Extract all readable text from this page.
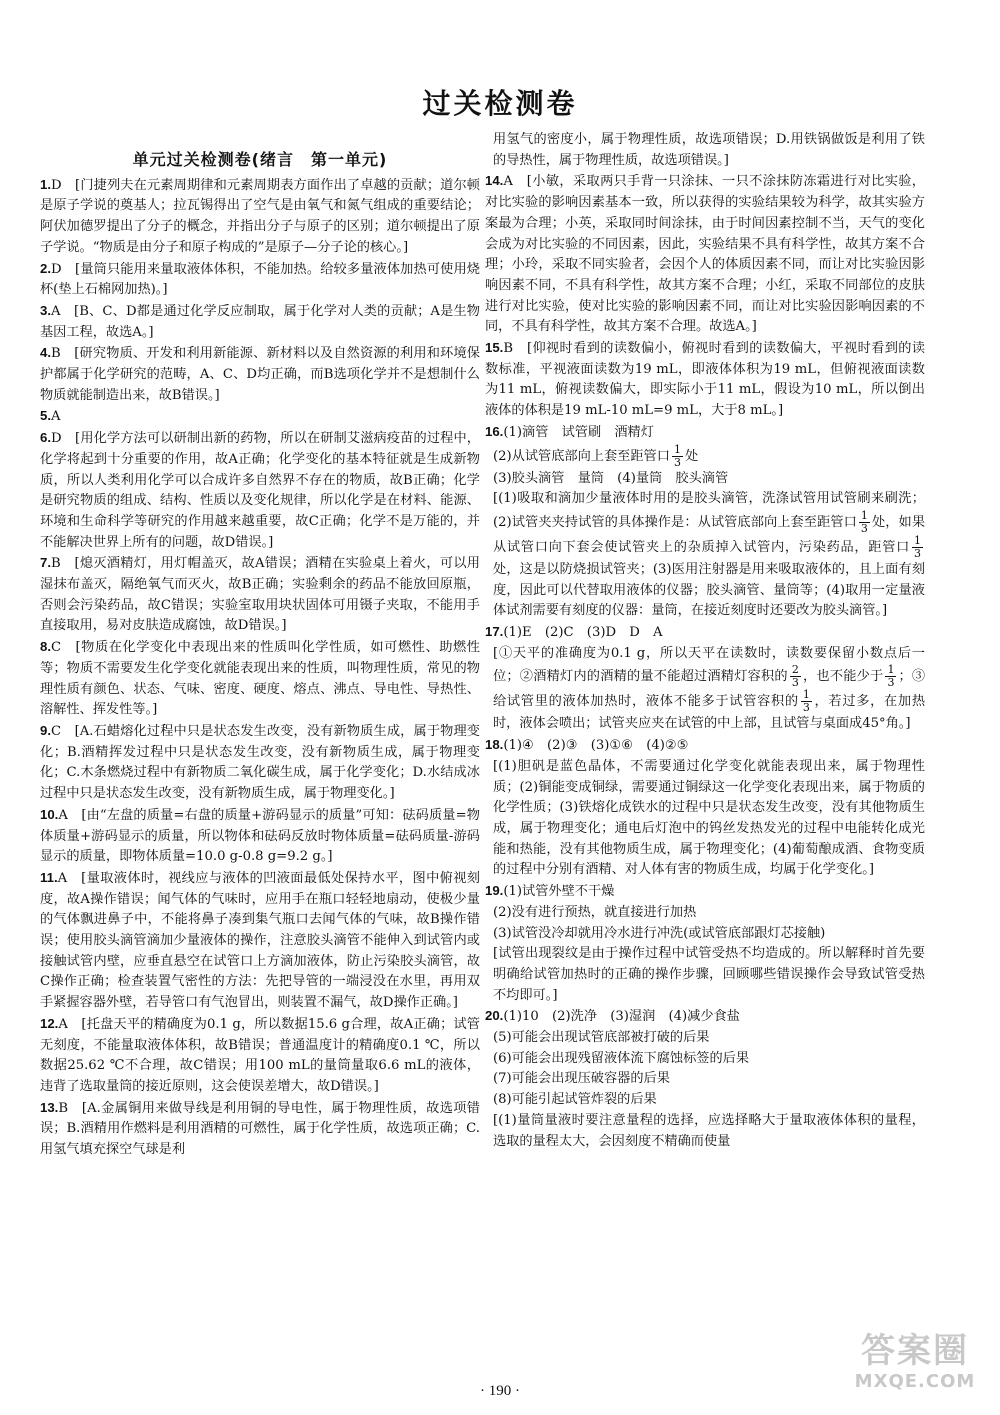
过关检测卷
单元过关检测卷(绪言　第一单元)

1.D　[门捷列夫在元素周期律和元素周期表方面作出了卓越的贡献；道尔顿是原子学说的奠基人；拉瓦锡得出了空气是由氧气和氮气组成的重要结论；阿伏加德罗提出了分子的概念，并指出分子与原子的区别；道尔顿提出了原子学说。“物质是由分子和原子构成的”是原子—分子论的核心。]

2.D　[量筒只能用来量取液体体积，不能加热。给较多量液体加热可使用烧杯(垫上石棉网加热)。]

3.A　[B、C、D都是通过化学反应制取，属于化学对人类的贡献；A是生物基因工程，故选A。]

4.B　[研究物质、开发和利用新能源、新材料以及自然资源的利用和环境保护都属于化学研究的范畴，A、C、D均正确，而B选项化学并不是想制什么物质就能制造出来，故B错误。]

5.A

6.D　[用化学方法可以研制出新的药物，所以在研制艾滋病疫苗的过程中，化学将起到十分重要的作用，故A正确；化学变化的基本特征就是生成新物质，所以人类利用化学可以合成许多自然界不存在的物质，故B正确；化学是研究物质的组成、结构、性质以及变化规律，所以化学是在材料、能源、环境和生命科学等研究的作用越来越重要，故C正确；化学不是万能的，并不能解决世界上所有的问题，故D错误。]

7.B　[熄灭酒精灯，用灯帽盖灭，故A错误；酒精在实验桌上着火，可以用湿抹布盖灭，隔绝氧气而灭火，故B正确；实验剩余的药品不能放回原瓶，否则会污染药品，故C错误；实验室取用块状固体可用镊子夹取，不能用手直接取用，易对皮肤造成腐蚀，故D错误。]

8.C　[物质在化学变化中表现出来的性质叫化学性质，如可燃性、助燃性等；物质不需要发生化学变化就能表现出来的性质，叫物理性质，常见的物理性质有颜色、状态、气味、密度、硬度、熔点、沸点、导电性、导热性、溶解性、挥发性等。]

9.C　[A.石蜡熔化过程中只是状态发生改变，没有新物质生成，属于物理变化；B.酒精挥发过程中只是状态发生改变，没有新物质生成，属于物理变化；C.木条燃烧过程中有新物质二氧化碳生成，属于化学变化；D.水结成冰过程中只是状态发生改变，没有新物质生成，属于物理变化。]

10.A　[由“左盘的质量=右盘的质量+游码显示的质量”可知：砝码质量=物体质量+游码显示的质量，所以物体和砝码反放时物体质量=砝码质量-游码显示的质量，即物体质量=10.0 g-0.8 g=9.2 g。]

11.A　[量取液体时，视线应与液体的凹液面最低处保持水平，图中俯视刻度，故A操作错误；闻气体的气味时，应用手在瓶口轻轻地扇动，使极少量的气体飘进鼻子中，不能将鼻子凑到集气瓶口去闻气体的气味，故B操作错误；使用胶头滴管滴加少量液体的操作，注意胶头滴管不能伸入到试管内或接触试管内壁，应垂直悬空在试管口上方滴加液体，防止污染胶头滴管，故C操作正确；检查装置气密性的方法：先把导管的一端浸没在水里，再用双手紧握容器外壁，若导管口有气泡冒出，则装置不漏气，故D操作正确。]

12.A　[托盘天平的精确度为0.1 g，所以数据15.6 g合理，故A正确；试管无刻度，不能量取液体体积，故B错误；普通温度计的精确度0.1 ℃，所以数据25.62 ℃不合理，故C错误；用100 mL的量筒量取6.6 mL的液体，违背了选取量筒的接近原则，这会使误差增大，故D错误。]

13.B　[A.金属铜用来做导线是利用铜的导电性，属于物理性质，故选项错误；B.酒精用作燃料是利用酒精的可燃性，属于化学性质，故选项正确；C.用氢气填充探空气球是利

用氢气的密度小，属于物理性质，故选项错误；D.用铁锅做饭是利用了铁的导热性，属于物理性质，故选项错误。]

14.A　[小敏，采取两只手背一只涂抹、一只不涂抹防冻霜进行对比实验，对比实验的影响因素基本一致，所以获得的实验结果较为科学，故其实验方案最为合理；小英，采取同时间涂抹，由于时间因素控制不当，天气的变化会成为对比实验的不同因素，因此，实验结果不具有科学性，故其方案不合理；小玲，采取不同实验者，会因个人的体质因素不同，而让对比实验因影响因素不同，不具有科学性，故其方案不合理；小红，采取不同部位的皮肤进行对比实验，使对比实验的影响因素不同，而让对比实验因影响因素的不同，不具有科学性，故其方案不合理。故选A。]

15.B　[仰视时看到的读数偏小，俯视时看到的读数偏大，平视时看到的读数标准，平视液面读数为19 mL，即液体体积为19 mL，但俯视液面读数为11 mL，俯视读数偏大，即实际小于11 mL，假设为10 mL，所以倒出液体的体积是19 mL-10 mL=9 mL，大于8 mL。]

16.(1)滴管　试管刷　酒精灯

(2)从试管底部向上套至距管口 $\frac{1}{3}$ 处

(3)胶头滴管　量筒　(4)量筒　胶头滴管

[(1)吸取和滴加少量液体时用的是胶头滴管，洗涤试管用试管刷来刷洗；(2)试管夹夹持试管的具体操作是：从试管底部向上套至距管口 $\frac{1}{3}$ 处，如果从试管口向下套会使试管夹上的杂质掉入试管内，污染药品，距管口 $\frac{1}{3}$
处，这是以防烧损试管夹；(3)医用注射器是用来吸取液体的，且上面有刻度，因此可以代替取用液体的仪器；胶头滴管、量筒等；(4)取用一定量液体试剂需要有刻度的仪器：量筒，在接近刻度时还要改为胶头滴管。]

17.(1)E　(2)C　(3)D　D　A

[①天平的准确度为0.1 g，所以天平在读数时，读数要保留小数点后一位；②酒精灯内的酒精的量不能超过酒精灯容积的 $\frac{2}{3}$ ，也不能少于 $\frac{1}{3}$ ；③给试管里的液体加热时，液体不能多于试管容积的 $\frac{1}{3}$ ，若过多，在加热时，液体会喷出；试管夹应夹在试管的中上部，且试管与桌面成45°角。]

18.(1)④　(2)③　(3)①⑥　(4)②⑤

[(1)胆矾是蓝色晶体，不需要通过化学变化就能表现出来，属于物理性质；(2)铜能变成铜绿，需要通过铜绿这一化学变化表现出来，属于物质的化学性质；(3)铁熔化成铁水的过程中只是状态发生改变，没有其他物质生成，属于物理变化；通电后灯泡中的钨丝发热发光的过程中电能转化成光能和热能，没有其他物质生成，属于物理变化；(4)葡萄酿成酒、食物变质的过程中分别有酒精、对人体有害的物质生成，均属于化学变化。]

19.(1)试管外壁不干燥

(2)没有进行预热，就直接进行加热

(3)试管没冷却就用冷水进行冲洗(或试管底部跟灯芯接触)

[试管出现裂纹是由于操作过程中试管受热不均造成的。所以解释时首先要明确给试管加热时的正确的操作步骤，回顾哪些错误操作会导致试管受热不均即可。]

20.(1)10　(2)洗净　(3)湿润　(4)减少食盐

(5)可能会出现试管底部被打破的后果

(6)可能会出现残留液体流下腐蚀标签的后果

(7)可能会出现压破容器的后果

(8)可能引起试管炸裂的后果

[(1)量筒量液时要注意量程的选择，应选择略大于量取液体体积的量程，选取的量程太大，会因刻度不精确而使量

· 190 ·
答案圈
MXQE.COM
